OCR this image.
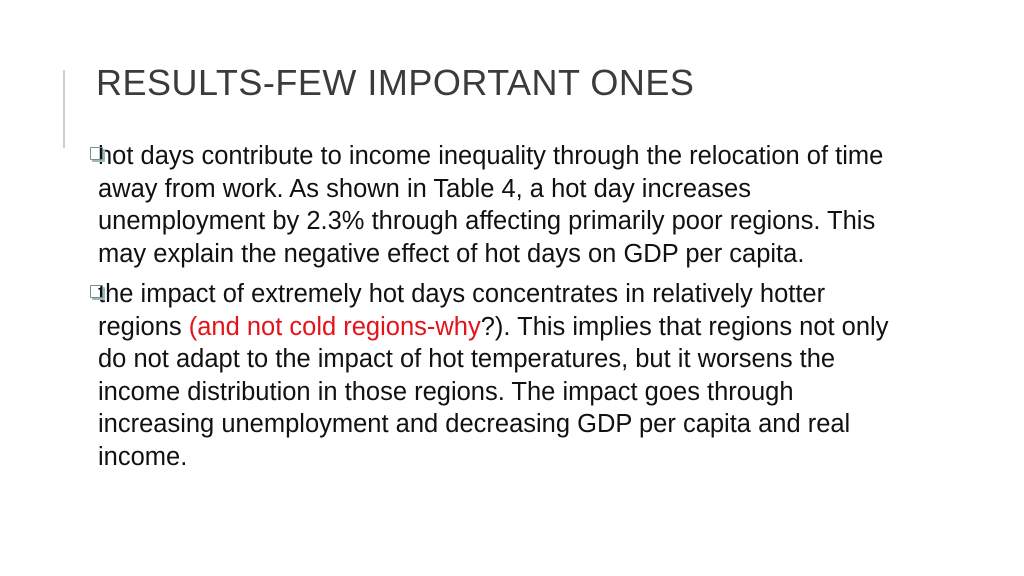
RESULTS-FEW IMPORTANT ONES
hot days contribute to income inequality through the relocation of time away from work. As shown in Table 4, a hot day increases unemployment by 2.3% through affecting primarily poor regions. This may explain the negative effect of hot days on GDP per capita.
the impact of extremely hot days concentrates in relatively hotter regions (and not cold regions-why?). This implies that regions not only do not adapt to the impact of hot temperatures, but it worsens the income distribution in those regions. The impact goes through increasing unemployment and decreasing GDP per capita and real income.
